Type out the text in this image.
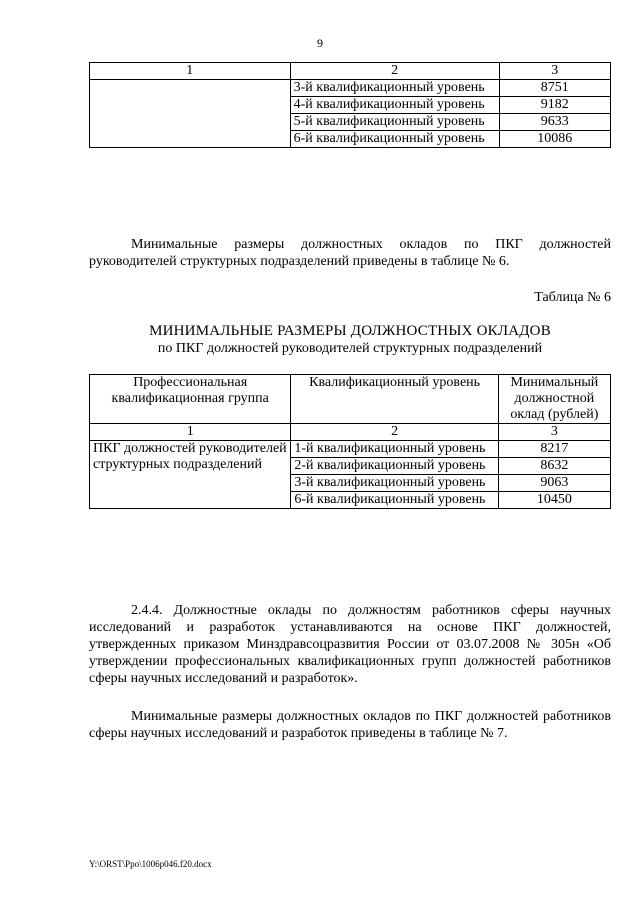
9
1	2	3
	3-й квалификационный уровень	8751
	4-й квалификационный уровень	9182
	5-й квалификационный уровень	9633
	6-й квалификационный уровень	10086
Минимальные размеры должностных окладов по ПКГ должностей руководителей структурных подразделений приведены в таблице № 6.
Таблица № 6
МИНИМАЛЬНЫЕ РАЗМЕРЫ ДОЛЖНОСТНЫХ ОКЛАДОВ
по ПКГ должностей руководителей структурных подразделений
Профессиональная квалификационная группа	Квалификационный уровень	Минимальный должностной оклад (рублей)
1	2	3
ПКГ должностей руководителей структурных подразделений	1-й квалификационный уровень	8217
	2-й квалификационный уровень	8632
	3-й квалификационный уровень	9063
	6-й квалификационный уровень	10450
2.4.4. Должностные оклады по должностям работников сферы научных исследований и разработок устанавливаются на основе ПКГ должностей, утвержденных приказом Минздравсоцразвития России от 03.07.2008 № 305н «Об утверждении профессиональных квалификационных групп должностей работников сферы научных исследований и разработок».
Минимальные размеры должностных окладов по ПКГ должностей работников сферы научных исследований и разработок приведены в таблице № 7.
Y:\ORST\Ppo\1006p046.f20.docx
